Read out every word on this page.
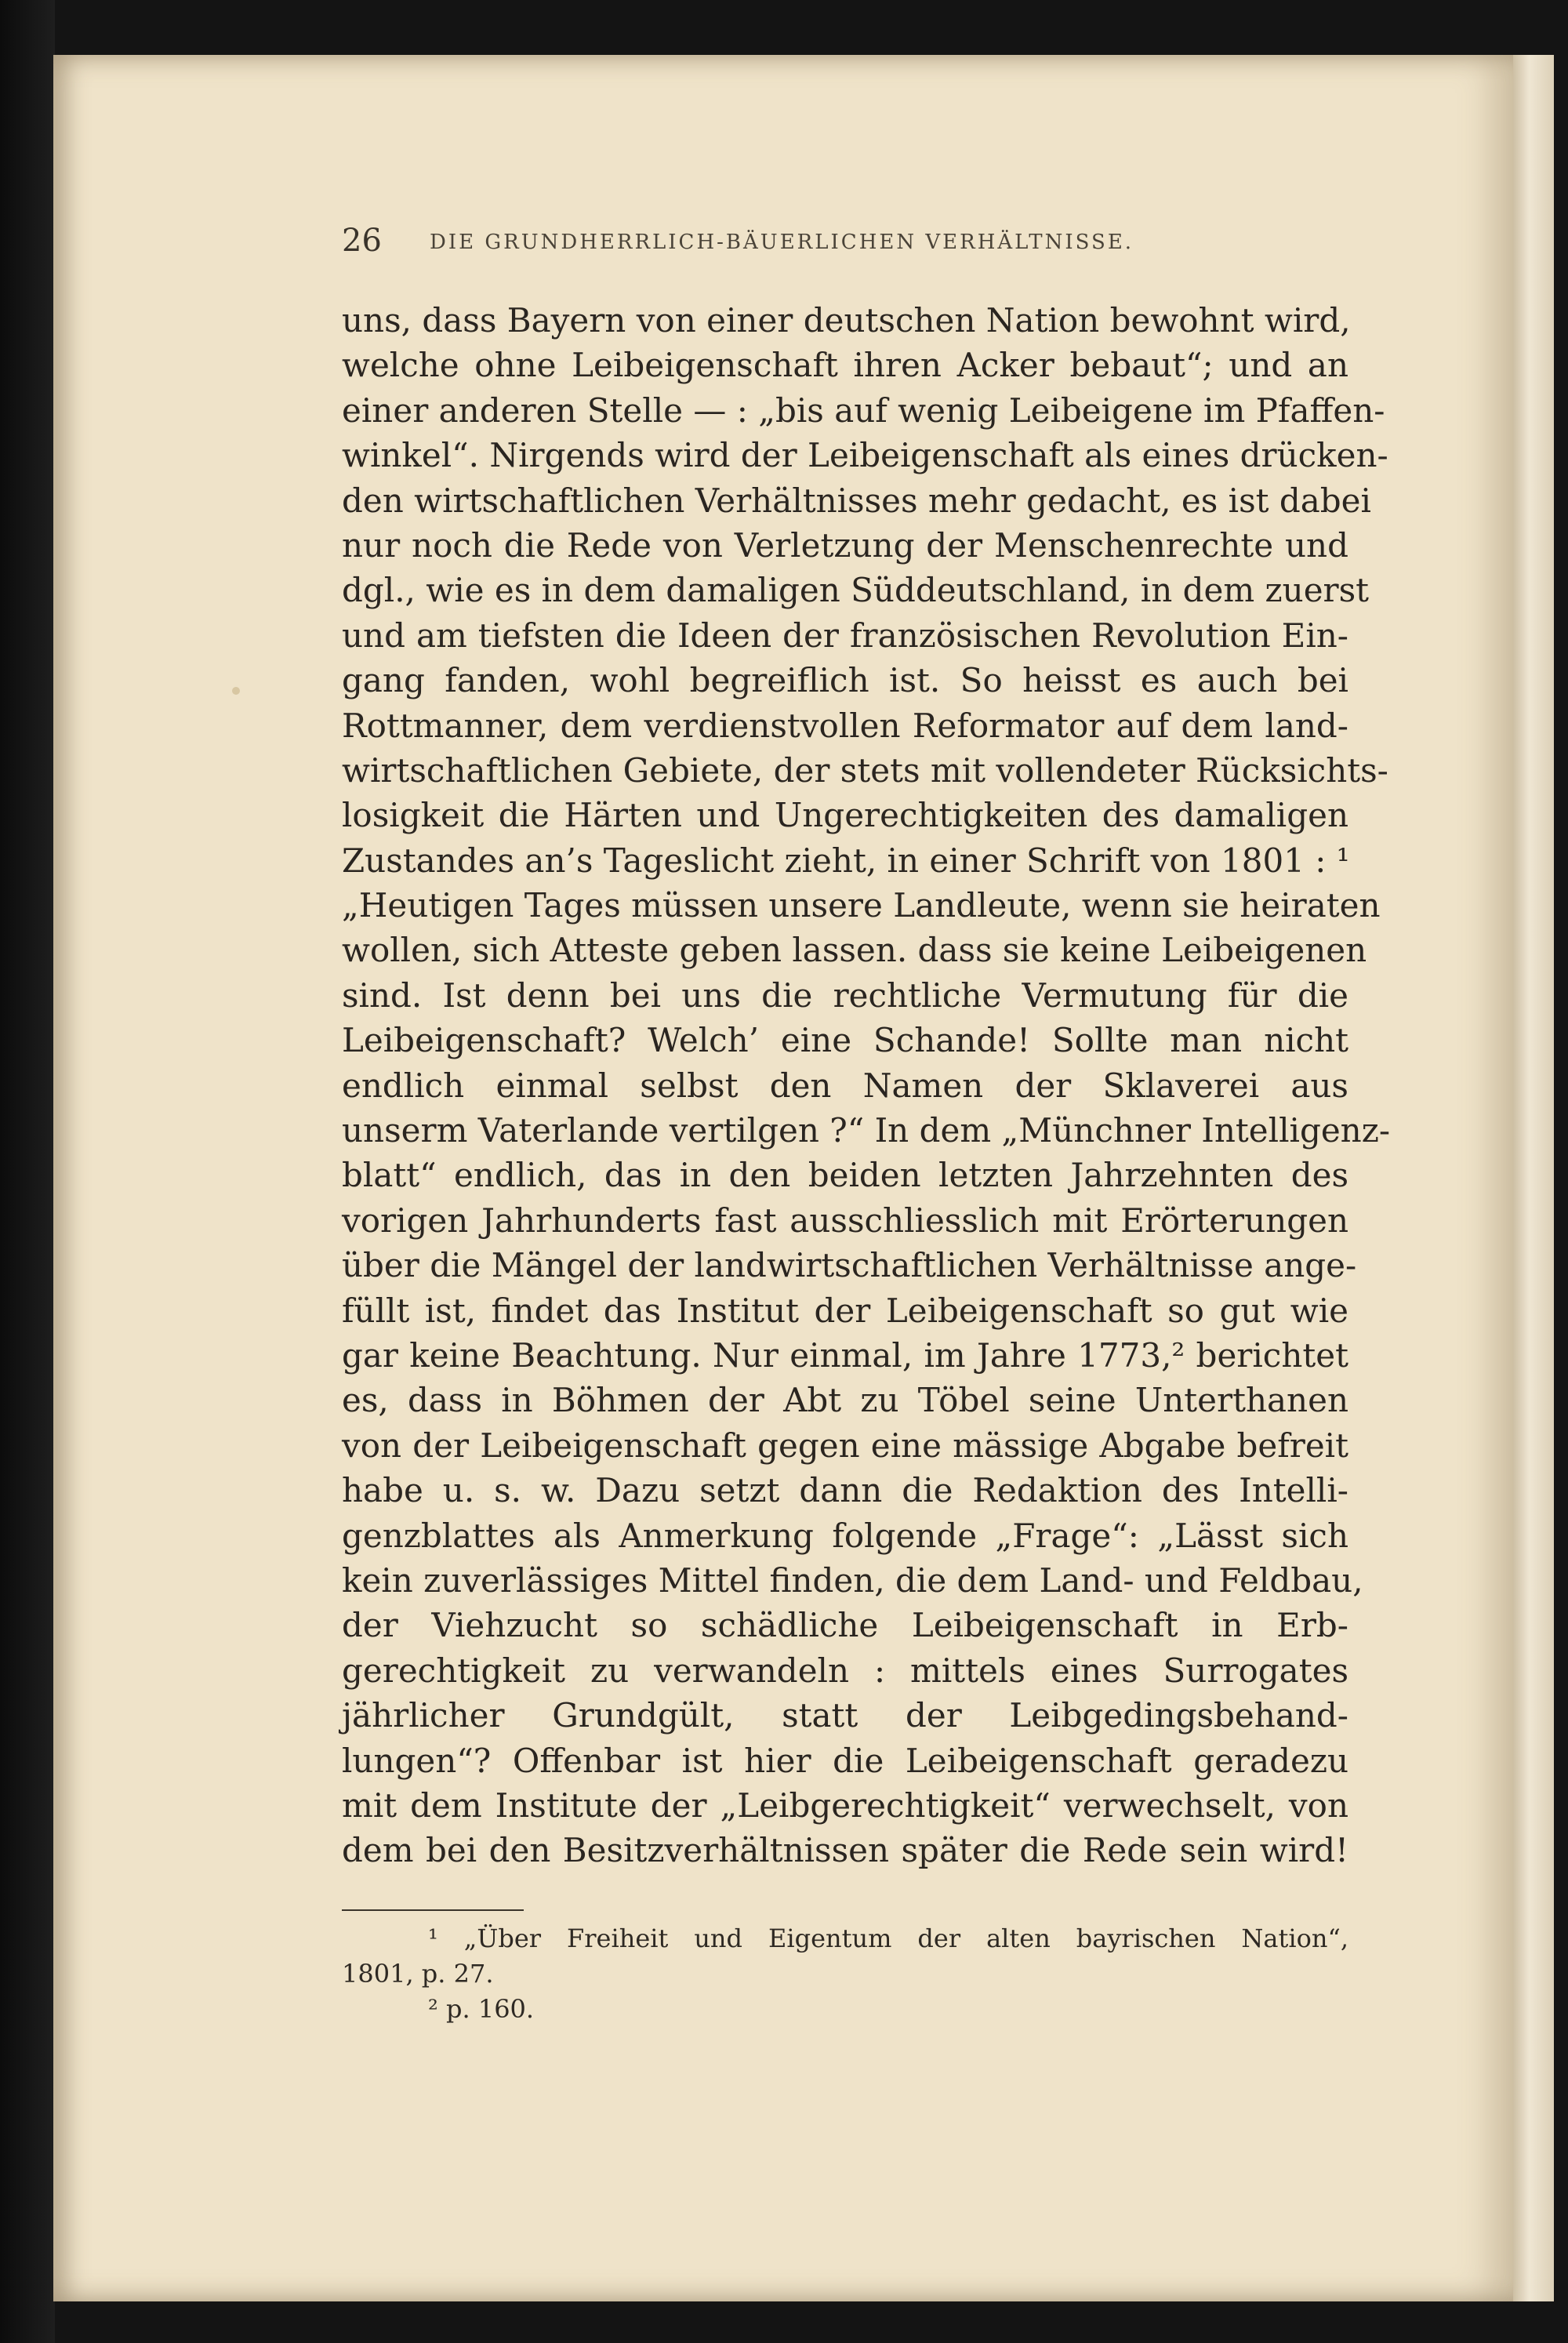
26 DIE GRUNDHERRLICH-BÄUERLICHEN VERHÄLTNISSE.
uns, dass Bayern von einer deutschen Nation bewohnt wird,
welche ohne Leibeigenschaft ihren Acker bebaut“; und an
einer anderen Stelle — : „bis auf wenig Leibeigene im Pfaffen-
winkel“. Nirgends wird der Leibeigenschaft als eines drücken-
den wirtschaftlichen Verhältnisses mehr gedacht, es ist dabei
nur noch die Rede von Verletzung der Menschenrechte und
dgl., wie es in dem damaligen Süddeutschland, in dem zuerst
und am tiefsten die Ideen der französischen Revolution Ein-
gang fanden, wohl begreiflich ist. So heisst es auch bei
Rottmanner, dem verdienstvollen Reformator auf dem land-
wirtschaftlichen Gebiete, der stets mit vollendeter Rücksichts-
losigkeit die Härten und Ungerechtigkeiten des damaligen
Zustandes an’s Tageslicht zieht, in einer Schrift von 1801 : ¹
„Heutigen Tages müssen unsere Landleute, wenn sie heiraten
wollen, sich Atteste geben lassen. dass sie keine Leibeigenen
sind. Ist denn bei uns die rechtliche Vermutung für die
Leibeigenschaft? Welch’ eine Schande! Sollte man nicht
endlich einmal selbst den Namen der Sklaverei aus
unserm Vaterlande vertilgen ?“ In dem „Münchner Intelligenz-
blatt“ endlich, das in den beiden letzten Jahrzehnten des
vorigen Jahrhunderts fast ausschliesslich mit Erörterungen
über die Mängel der landwirtschaftlichen Verhältnisse ange-
füllt ist, findet das Institut der Leibeigenschaft so gut wie
gar keine Beachtung. Nur einmal, im Jahre 1773,² berichtet
es, dass in Böhmen der Abt zu Töbel seine Unterthanen
von der Leibeigenschaft gegen eine mässige Abgabe befreit
habe u. s. w. Dazu setzt dann die Redaktion des Intelli-
genzblattes als Anmerkung folgende „Frage“: „Lässt sich
kein zuverlässiges Mittel finden, die dem Land- und Feldbau,
der Viehzucht so schädliche Leibeigenschaft in Erb-
gerechtigkeit zu verwandeln : mittels eines Surrogates
jährlicher Grundgült, statt der Leibgedingsbehand-
lungen“? Offenbar ist hier die Leibeigenschaft geradezu
mit dem Institute der „Leibgerechtigkeit“ verwechselt, von
dem bei den Besitzverhältnissen später die Rede sein wird!
¹ „Über Freiheit und Eigentum der alten bayrischen Nation“,
1801, p. 27.
² p. 160.
